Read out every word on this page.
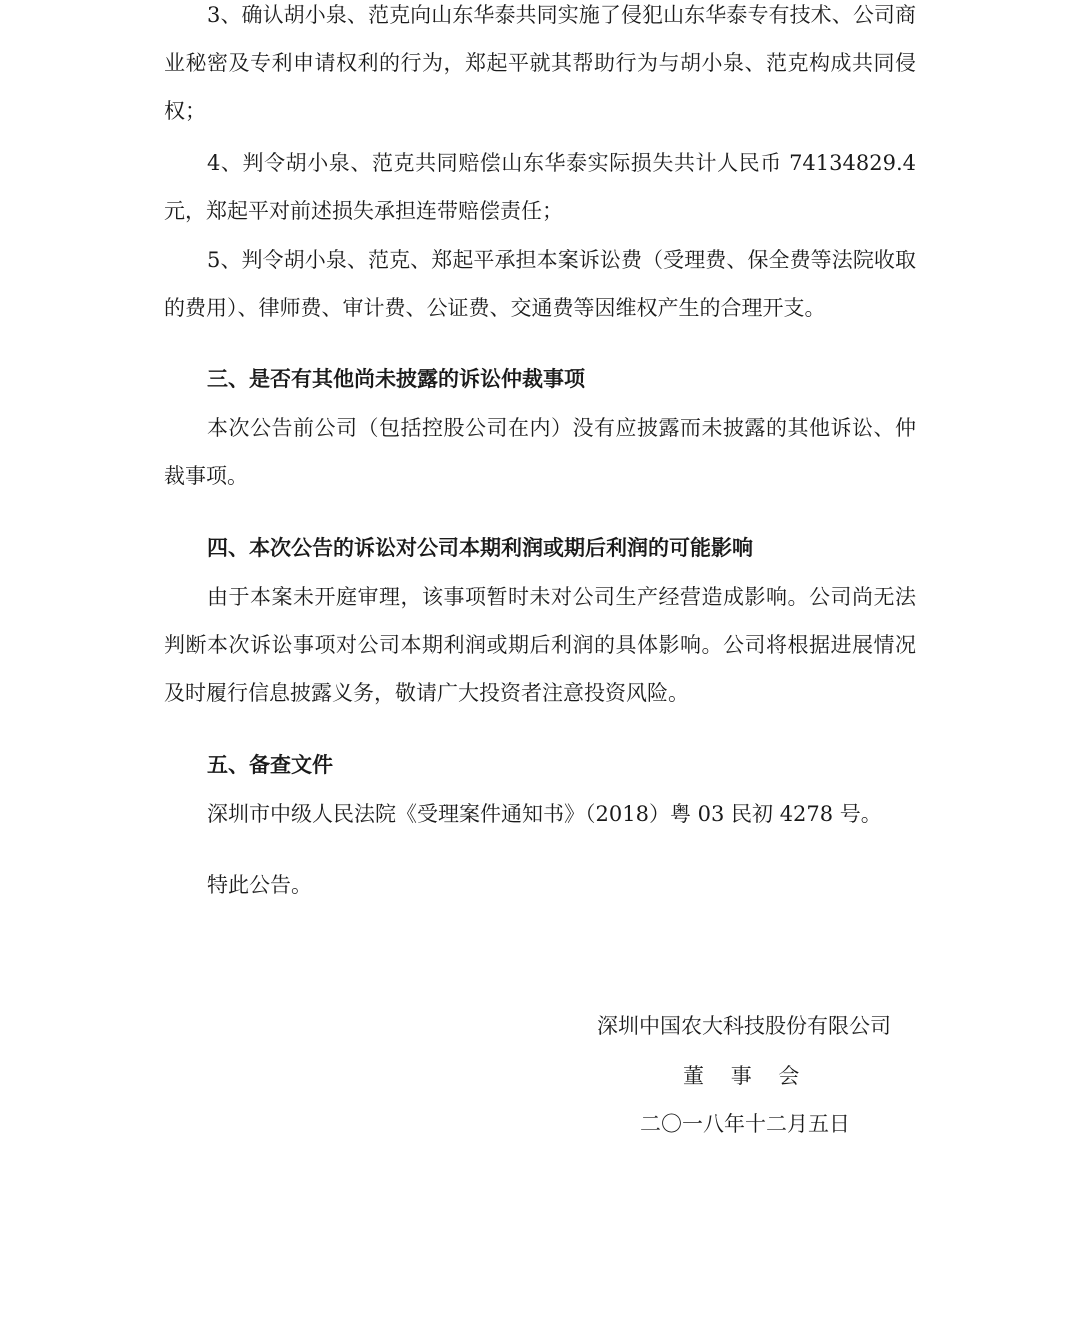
3、确认胡小泉、范克向山东华泰共同实施了侵犯山东华泰专有技术、公司商业秘密及专利申请权利的行为，郑起平就其帮助行为与胡小泉、范克构成共同侵权；

4、判令胡小泉、范克共同赔偿山东华泰实际损失共计人民币 74134829.4 元，郑起平对前述损失承担连带赔偿责任；

5、判令胡小泉、范克、郑起平承担本案诉讼费（受理费、保全费等法院收取的费用）、律师费、审计费、公证费、交通费等因维权产生的合理开支。

三、是否有其他尚未披露的诉讼仲裁事项

本次公告前公司（包括控股公司在内）没有应披露而未披露的其他诉讼、仲裁事项。

四、本次公告的诉讼对公司本期利润或期后利润的可能影响

由于本案未开庭审理，该事项暂时未对公司生产经营造成影响。公司尚无法判断本次诉讼事项对公司本期利润或期后利润的具体影响。公司将根据进展情况及时履行信息披露义务，敬请广大投资者注意投资风险。

五、备查文件

深圳市中级人民法院《受理案件通知书》（2018）粤 03 民初 4278 号。

特此公告。

深圳中国农大科技股份有限公司

董    事    会

二〇一八年十二月五日
